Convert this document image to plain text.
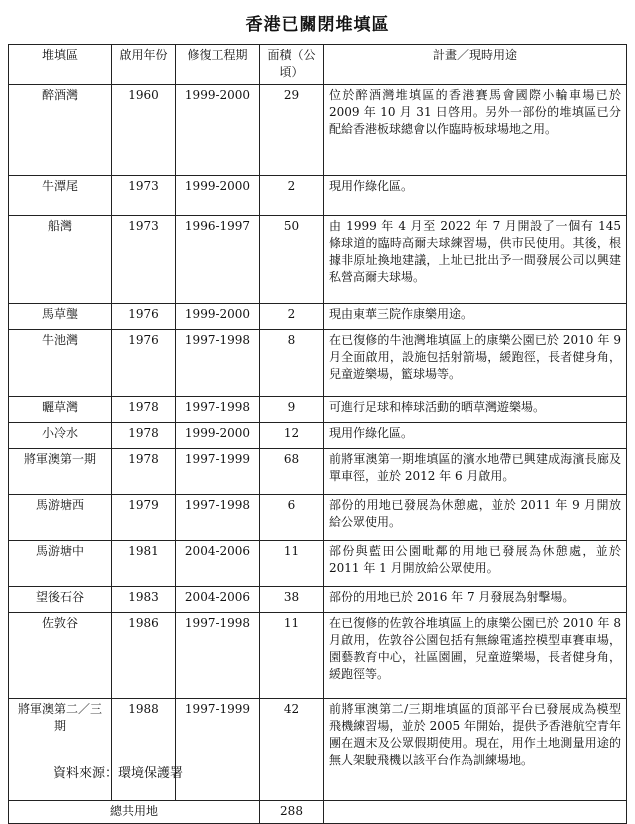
香港已關閉堆填區
堆填區	啟用年份	修復工程期	面積（公頃）	計畫／現時用途
醉酒灣	1960	1999-2000	29	位於醉酒灣堆填區的香港賽馬會國際小輪車場已於 2009 年 10 月 31 日啓用。另外一部份的堆填區已分配給香港板球總會以作臨時板球場地之用。
牛潭尾	1973	1999-2000	2	現用作綠化區。
船灣	1973	1996-1997	50	由 1999 年 4 月至 2022 年 7 月開設了一個有 145 條球道的臨時高爾夫球練習場，供市民使用。其後，根據非原址換地建議，上址已批出予一間發展公司以興建私營高爾夫球場。
馬草壟	1976	1999-2000	2	現由東華三院作康樂用途。
牛池灣	1976	1997-1998	8	在已復修的牛池灣堆填區上的康樂公園已於 2010 年 9 月全面啟用，設施包括射箭場，緩跑徑，長者健身角，兒童遊樂場，籃球場等。
曬草灣	1978	1997-1998	9	可進行足球和棒球活動的晒草灣遊樂場。
小冷水	1978	1999-2000	12	現用作綠化區。
將軍澳第一期	1978	1997-1999	68	前將軍澳第一期堆填區的濱水地帶已興建成海濱長廊及單車徑，並於 2012 年 6 月啟用。
馬游塘西	1979	1997-1998	6	部份的用地已發展為休憩處，並於 2011 年 9 月開放給公眾使用。
馬游塘中	1981	2004-2006	11	部份與藍田公園毗鄰的用地已發展為休憩處，並於 2011 年 1 月開放給公眾使用。
望後石谷	1983	2004-2006	38	部份的用地已於 2016 年 7 月發展為射擊場。
佐敦谷	1986	1997-1998	11	在已復修的佐敦谷堆填區上的康樂公園已於 2010 年 8 月啟用，佐敦谷公園包括有無線電遙控模型車賽車場，園藝教育中心，社區園圃，兒童遊樂場，長者健身角，緩跑徑等。
將軍澳第二／三期	1988	1997-1999	42	前將軍澳第二/三期堆填區的頂部平台已發展成為模型飛機練習場，並於 2005 年開始，提供予香港航空青年團在週末及公眾假期使用。現在，用作土地測量用途的無人架駛飛機以該平台作為訓練場地。
總共用地			288	
資料來源：環境保護署
